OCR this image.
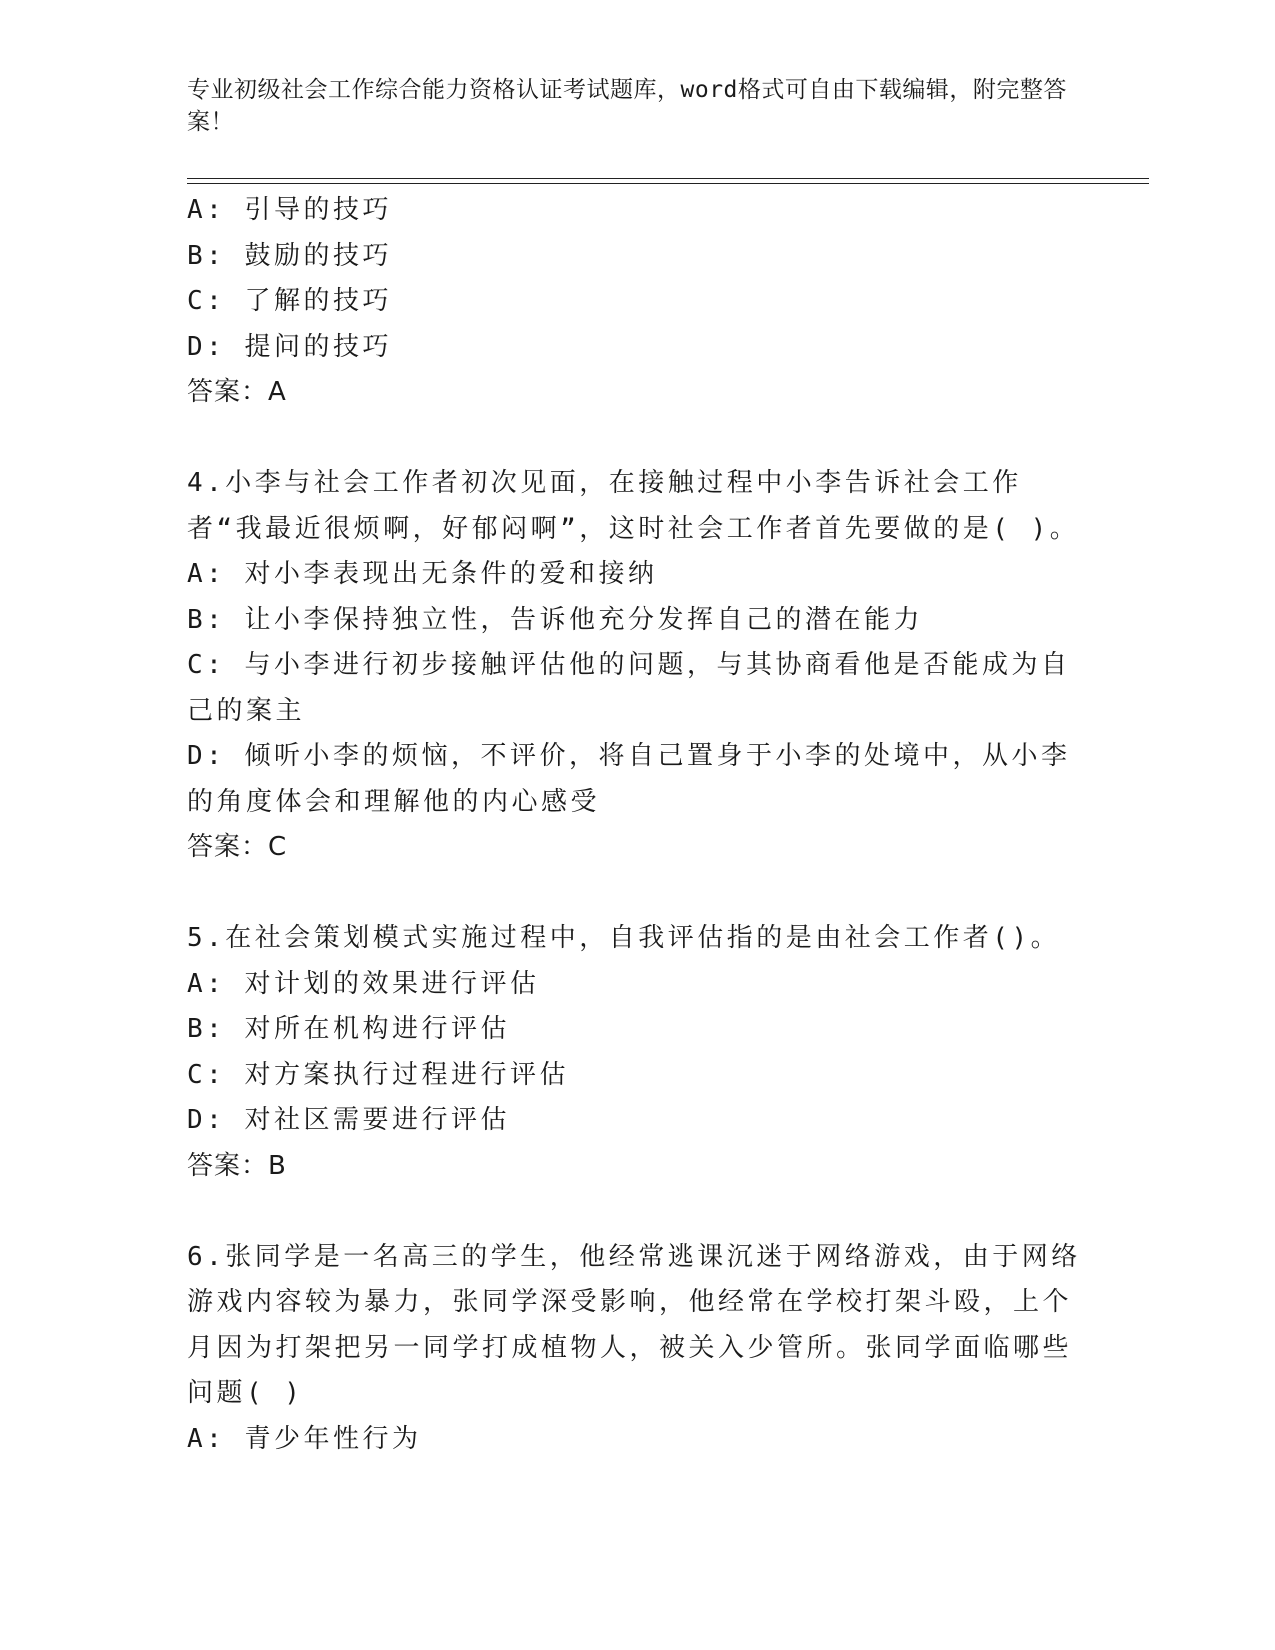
专业初级社会工作综合能力资格认证考试题库，word格式可自由下载编辑，附完整答案！
A: 引导的技巧
B: 鼓励的技巧
C: 了解的技巧
D: 提问的技巧
答案：A
4.小李与社会工作者初次见面，在接触过程中小李告诉社会工作者“我最近很烦啊，好郁闷啊”，这时社会工作者首先要做的是( )。
A: 对小李表现出无条件的爱和接纳
B: 让小李保持独立性，告诉他充分发挥自己的潜在能力
C: 与小李进行初步接触评估他的问题，与其协商看他是否能成为自己的案主
D: 倾听小李的烦恼，不评价，将自己置身于小李的处境中，从小李的角度体会和理解他的内心感受
答案：C
5.在社会策划模式实施过程中，自我评估指的是由社会工作者()。
A: 对计划的效果进行评估
B: 对所在机构进行评估
C: 对方案执行过程进行评估
D: 对社区需要进行评估
答案：B
6.张同学是一名高三的学生，他经常逃课沉迷于网络游戏，由于网络游戏内容较为暴力，张同学深受影响，他经常在学校打架斗殴，上个月因为打架把另一同学打成植物人，被关入少管所。张同学面临哪些问题( )
A: 青少年性行为
